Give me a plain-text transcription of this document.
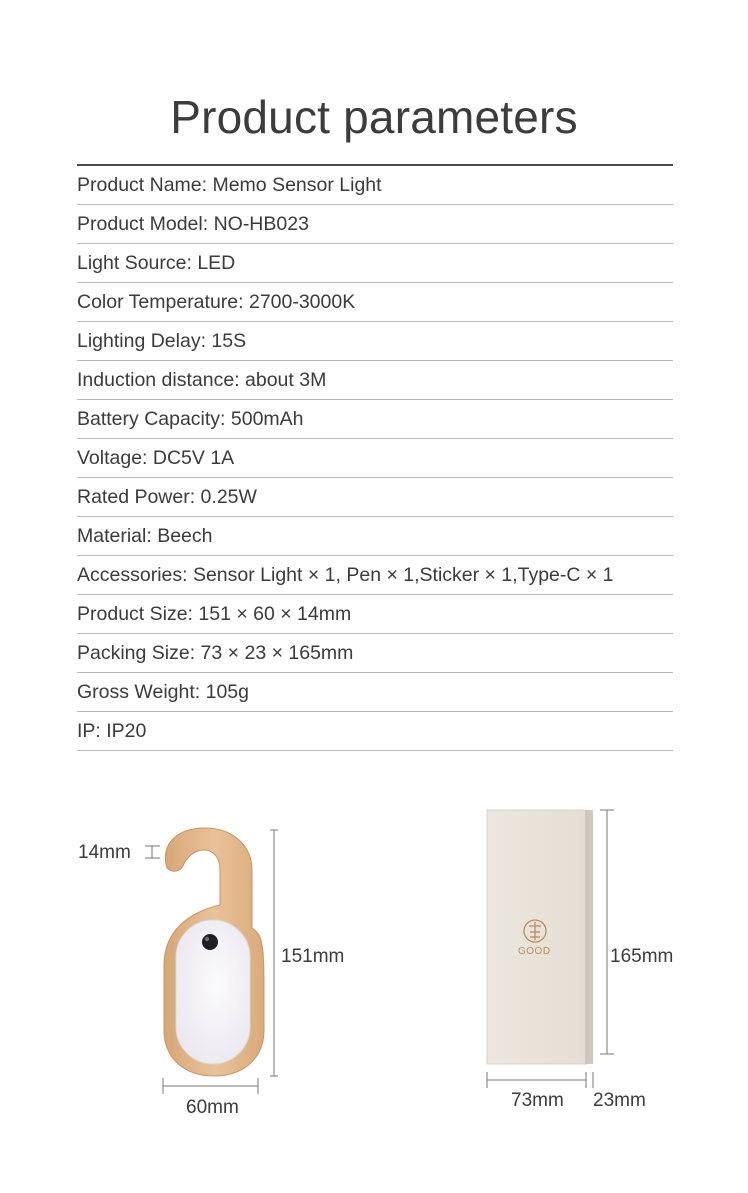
Product parameters
Product Name: Memo Sensor Light
Product Model: NO-HB023
Light Source: LED
Color Temperature: 2700-3000K
Lighting Delay: 15S
Induction distance: about 3M
Battery Capacity: 500mAh
Voltage: DC5V 1A
Rated Power: 0.25W
Material: Beech
Accessories: Sensor Light × 1, Pen × 1,Sticker × 1,Type-C × 1
Product Size: 151 × 60 × 14mm
Packing Size: 73 × 23 × 165mm
Gross Weight: 105g
IP: IP20
14mm
151mm
60mm
GOOD	165mm
73mm 23mm
